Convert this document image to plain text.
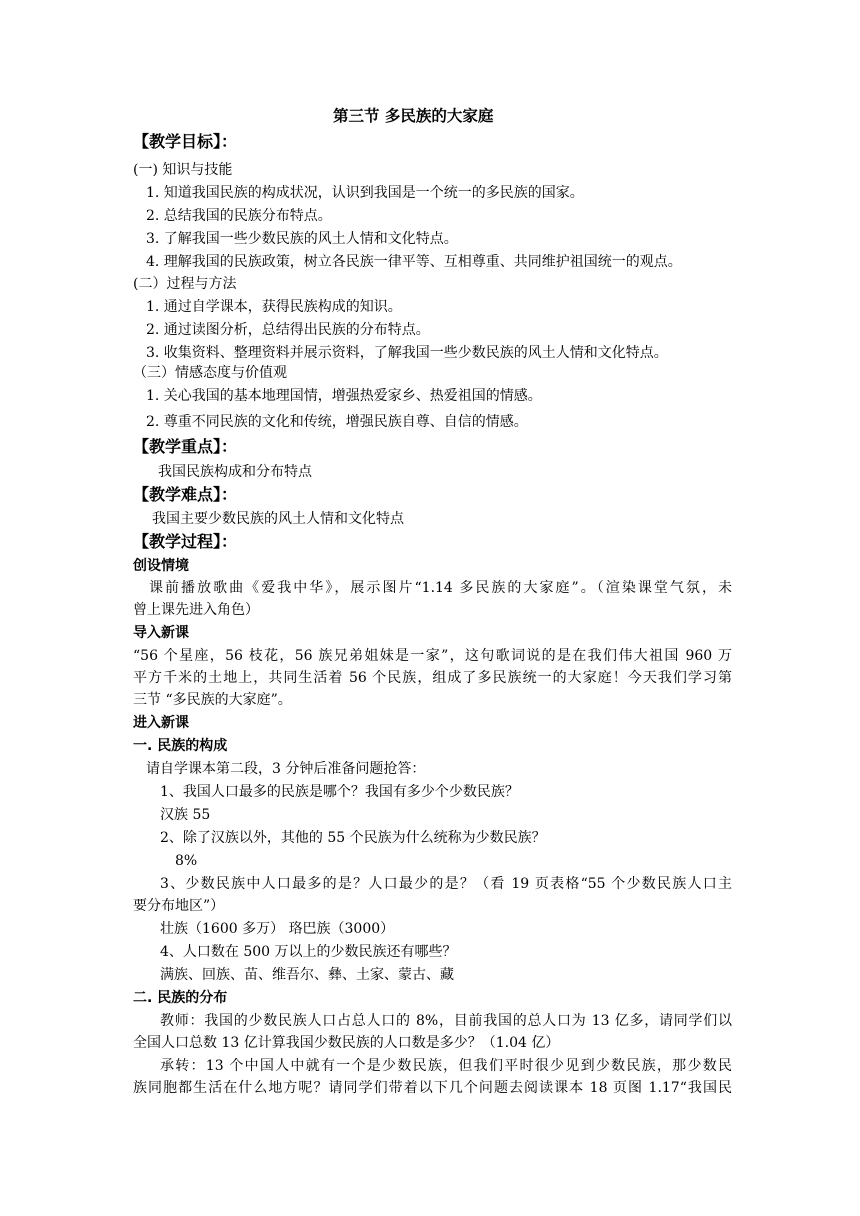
第三节 多民族的大家庭
【教学目标】：
(一) 知识与技能
1. 知道我国民族的构成状况，认识到我国是一个统一的多民族的国家。
2. 总结我国的民族分布特点。
3. 了解我国一些少数民族的风土人情和文化特点。
4. 理解我国的民族政策，树立各民族一律平等、互相尊重、共同维护祖国统一的观点。
(二）过程与方法
1. 通过自学课本，获得民族构成的知识。
2. 通过读图分析，总结得出民族的分布特点。
3. 收集资料、整理资料并展示资料，了解我国一些少数民族的风土人情和文化特点。
（三）情感态度与价值观
1. 关心我国的基本地理国情，增强热爱家乡、热爱祖国的情感。
2. 尊重不同民族的文化和传统，增强民族自尊、自信的情感。
【教学重点】：
我国民族构成和分布特点
【教学难点】：
我国主要少数民族的风土人情和文化特点
【教学过程】：
创设情境
课前播放歌曲《爱我中华》，展示图片“1.14 多民族的大家庭”。（渲染课堂气氛，未
曾上课先进入角色）
导入新课
“56 个星座，56 枝花，56 族兄弟姐妹是一家”，这句歌词说的是在我们伟大祖国 960 万
平方千米的土地上，共同生活着 56 个民族，组成了多民族统一的大家庭！今天我们学习第
三节 “多民族的大家庭”。
进入新课
一. 民族的构成
请自学课本第二段，3 分钟后准备问题抢答：
1、我国人口最多的民族是哪个？我国有多少个少数民族？
汉族 55
2、除了汉族以外，其他的 55 个民族为什么统称为少数民族？
8%
3、少数民族中人口最多的是？人口最少的是？（看 19 页表格“55 个少数民族人口主
要分布地区”）
壮族（1600 多万） 珞巴族（3000）
4、人口数在 500 万以上的少数民族还有哪些？
满族、回族、苗、维吾尔、彝、土家、蒙古、藏
二. 民族的分布
教师：我国的少数民族人口占总人口的 8%，目前我国的总人口为 13 亿多，请同学们以
全国人口总数 13 亿计算我国少数民族的人口数是多少？（1.04 亿）
承转：13 个中国人中就有一个是少数民族，但我们平时很少见到少数民族，那少数民
族同胞都生活在什么地方呢？请同学们带着以下几个问题去阅读课本 18 页图 1.17“我国民
